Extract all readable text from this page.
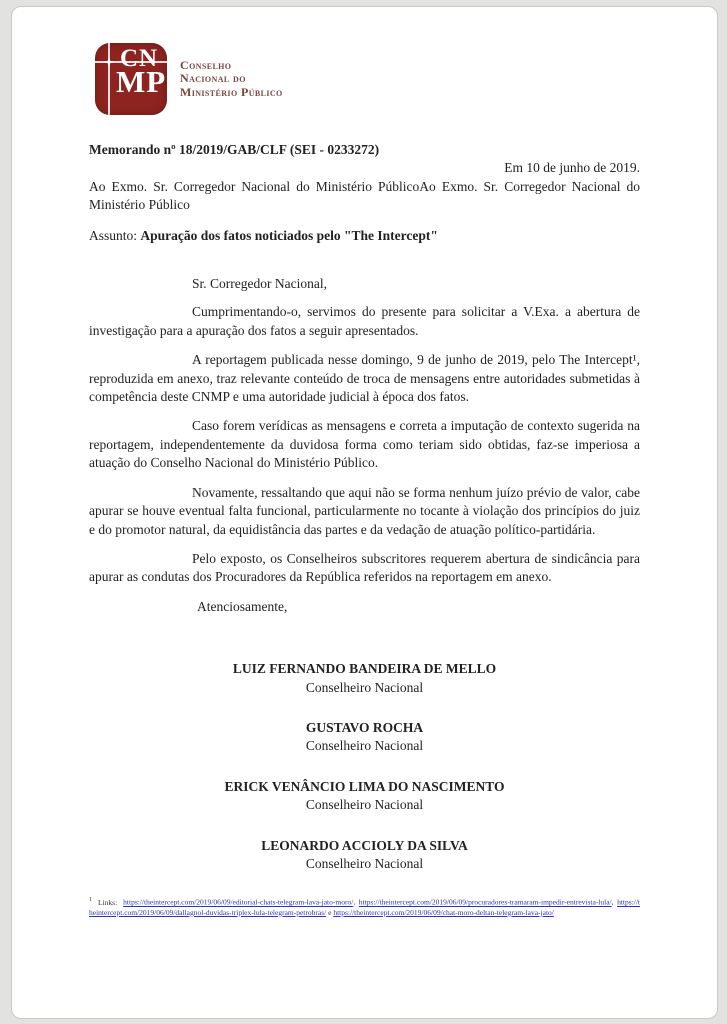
CN
MP Conselho
Nacional do
Ministério Público
Memorando nº 18/2019/GAB/CLF (SEI - 0233272)
Em 10 de junho de 2019.
Ao Exmo. Sr. Corregedor Nacional do Ministério PúblicoAo Exmo. Sr. Corregedor Nacional do Ministério Público
Assunto: Apuração dos fatos noticiados pelo "The Intercept"
Sr. Corregedor Nacional,

Cumprimentando-o, servimos do presente para solicitar a V.Exa. a abertura de investigação para a apuração dos fatos a seguir apresentados.

A reportagem publicada nesse domingo, 9 de junho de 2019, pelo The Intercept¹, reproduzida em anexo, traz relevante conteúdo de troca de mensagens entre autoridades submetidas à competência deste CNMP e uma autoridade judicial à época dos fatos.

Caso forem verídicas as mensagens e correta a imputação de contexto sugerida na reportagem, independentemente da duvidosa forma como teriam sido obtidas, faz-se imperiosa a atuação do Conselho Nacional do Ministério Público.

Novamente, ressaltando que aqui não se forma nenhum juízo prévio de valor, cabe apurar se houve eventual falta funcional, particularmente no tocante à violação dos princípios do juiz e do promotor natural, da equidistância das partes e da vedação de atuação político-partidária.

Pelo exposto, os Conselheiros subscritores requerem abertura de sindicância para apurar as condutas dos Procuradores da República referidos na reportagem em anexo.

Atenciosamente,
LUIZ FERNANDO BANDEIRA DE MELLO
Conselheiro Nacional
GUSTAVO ROCHA
Conselheiro Nacional
ERICK VENÂNCIO LIMA DO NASCIMENTO
Conselheiro Nacional
LEONARDO ACCIOLY DA SILVA
Conselheiro Nacional
$^1$ Links: https://theintercept.com/2019/06/09/editorial-chats-telegram-lava-jato-moro/, https://theintercept.com/2019/06/09/procuradores-tramaram-impedir-entrevista-lula/, https://theintercept.com/2019/06/09/dallagnol-duvidas-triplex-lula-telegram-petrobras/ e https://theintercept.com/2019/06/09/chat-moro-deltan-telegram-lava-jato/
